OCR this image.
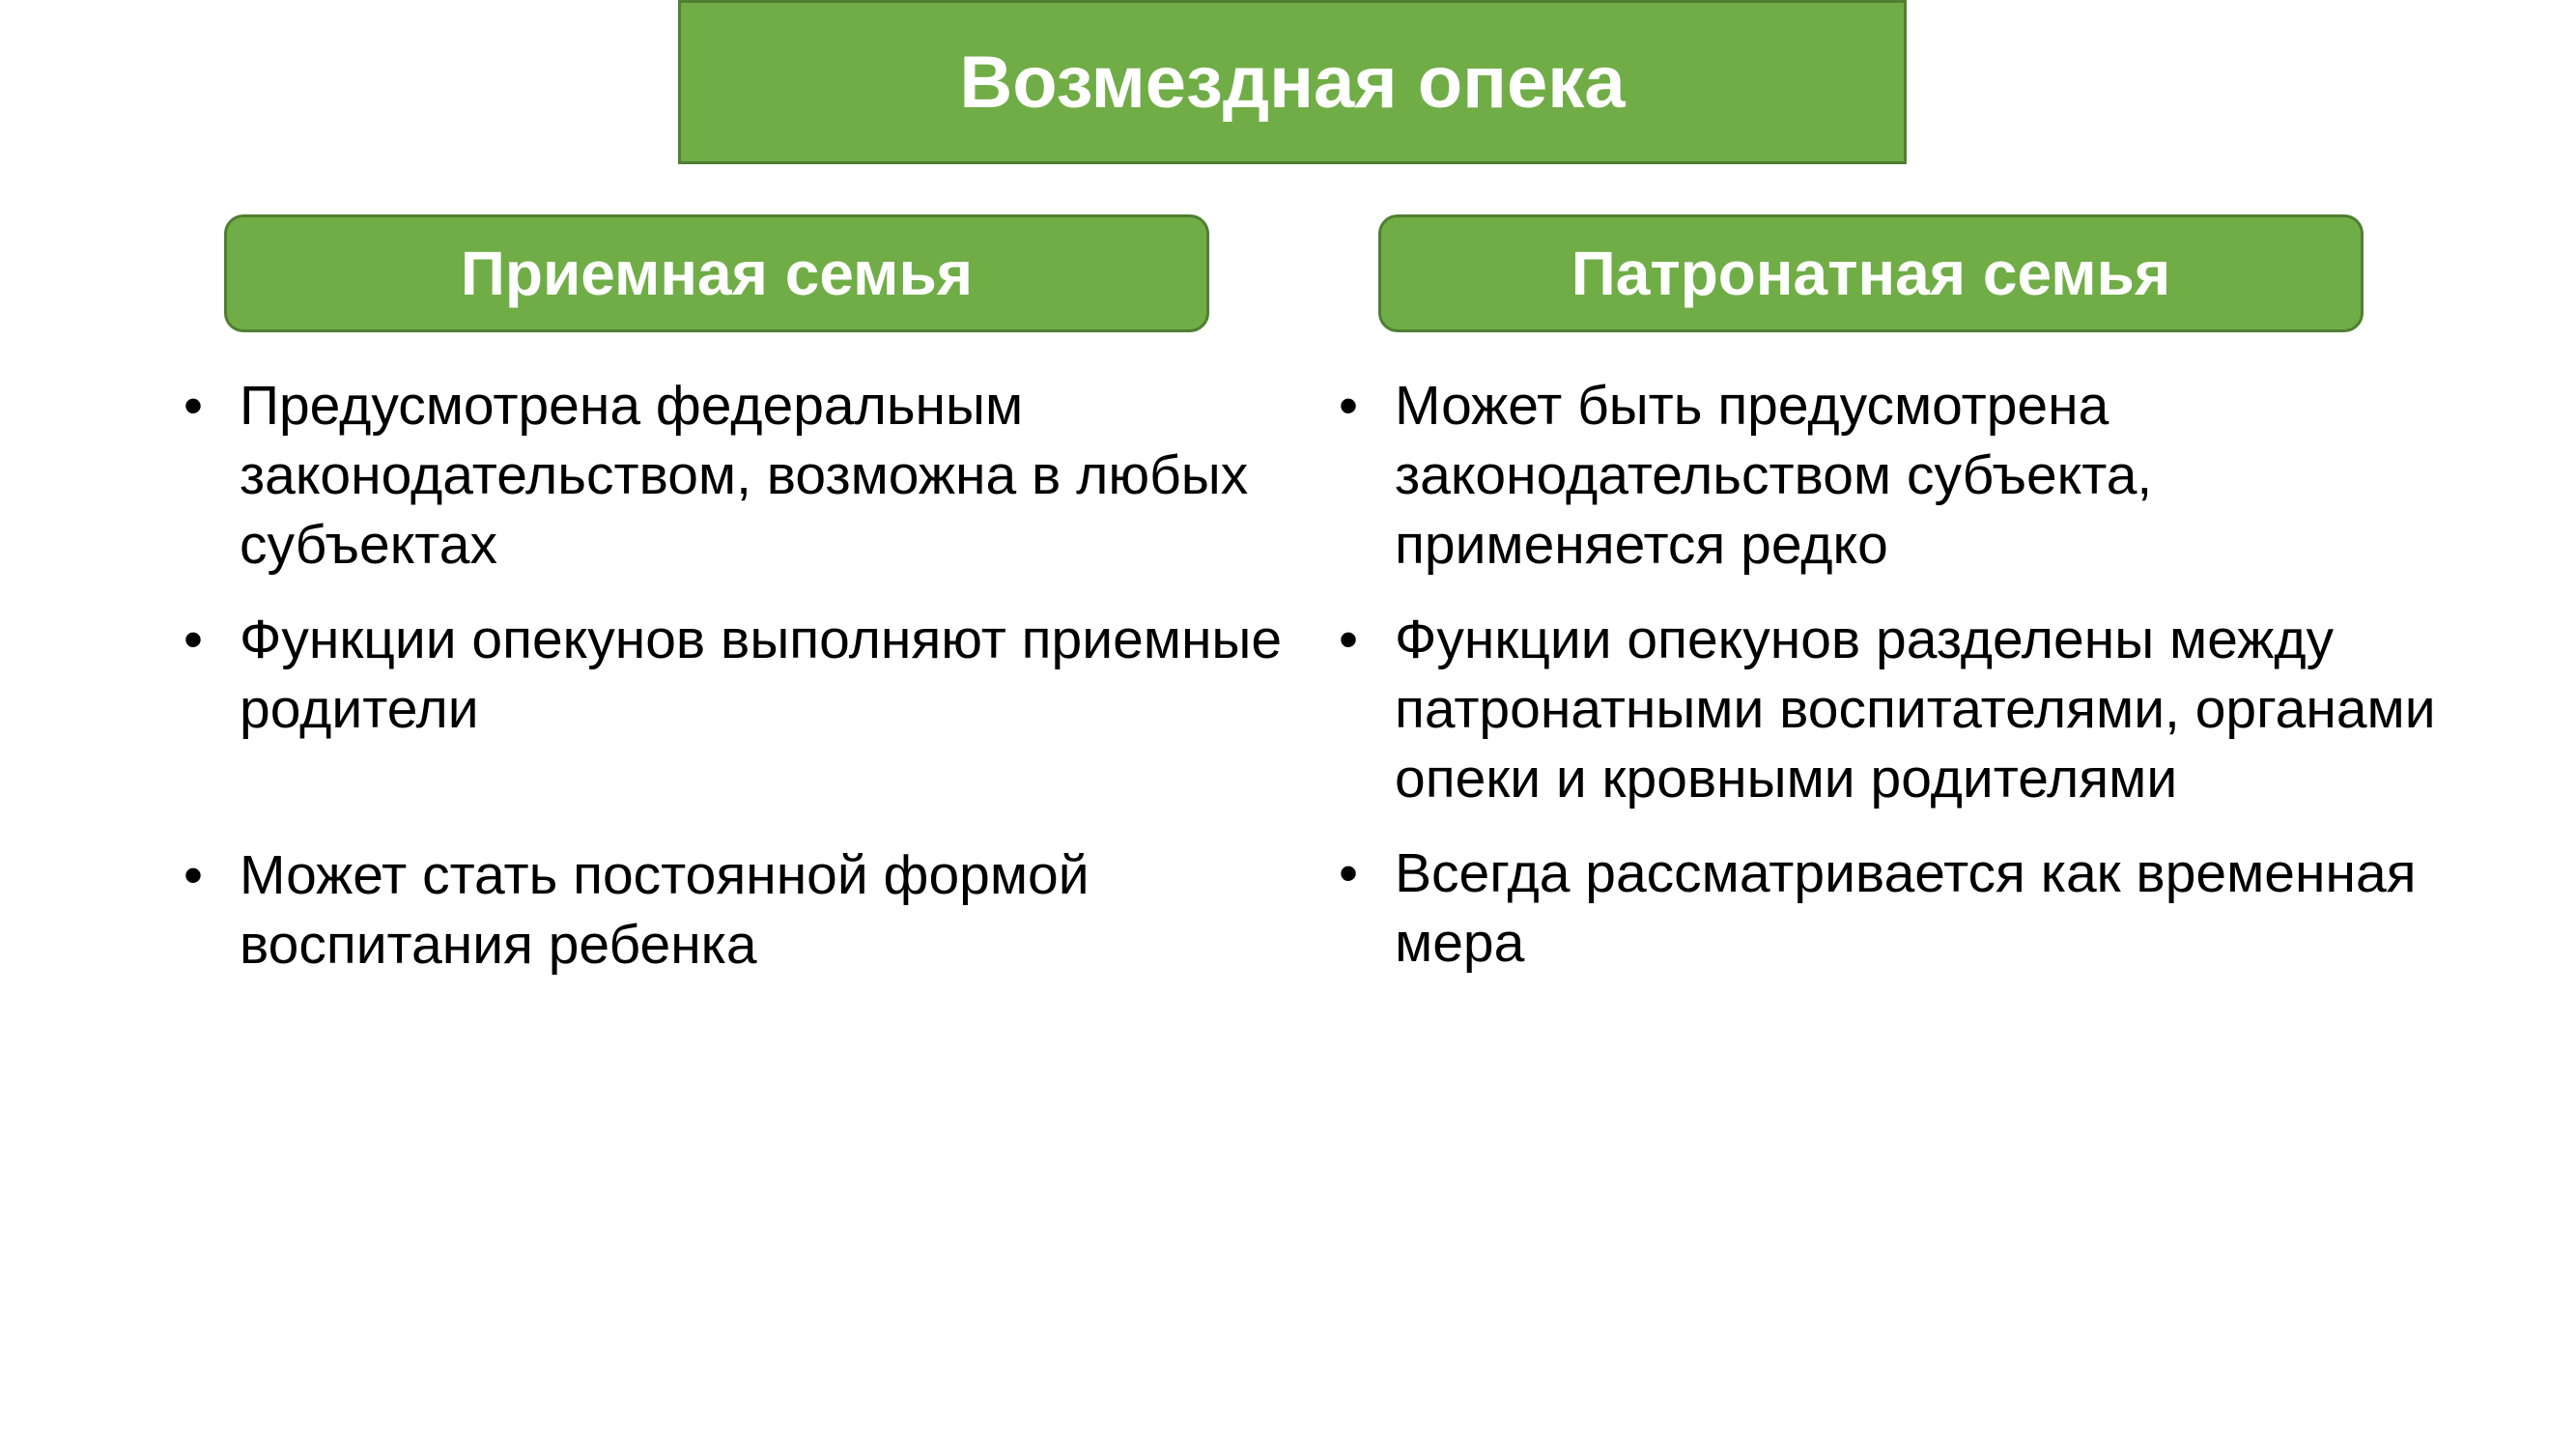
Возмездная опека
Приемная семья	Патронатная семья
• Предусмотрена федеральным законодательством, возможна в любых субъектах
• Функции опекунов выполняют приемные родители
• Может стать постоянной формой воспитания ребенка
• Может быть предусмотрена законодательством субъекта, применяется редко
• Функции опекунов разделены между патронатными воспитателями, органами опеки и кровными родителями
• Всегда рассматривается как временная мера
